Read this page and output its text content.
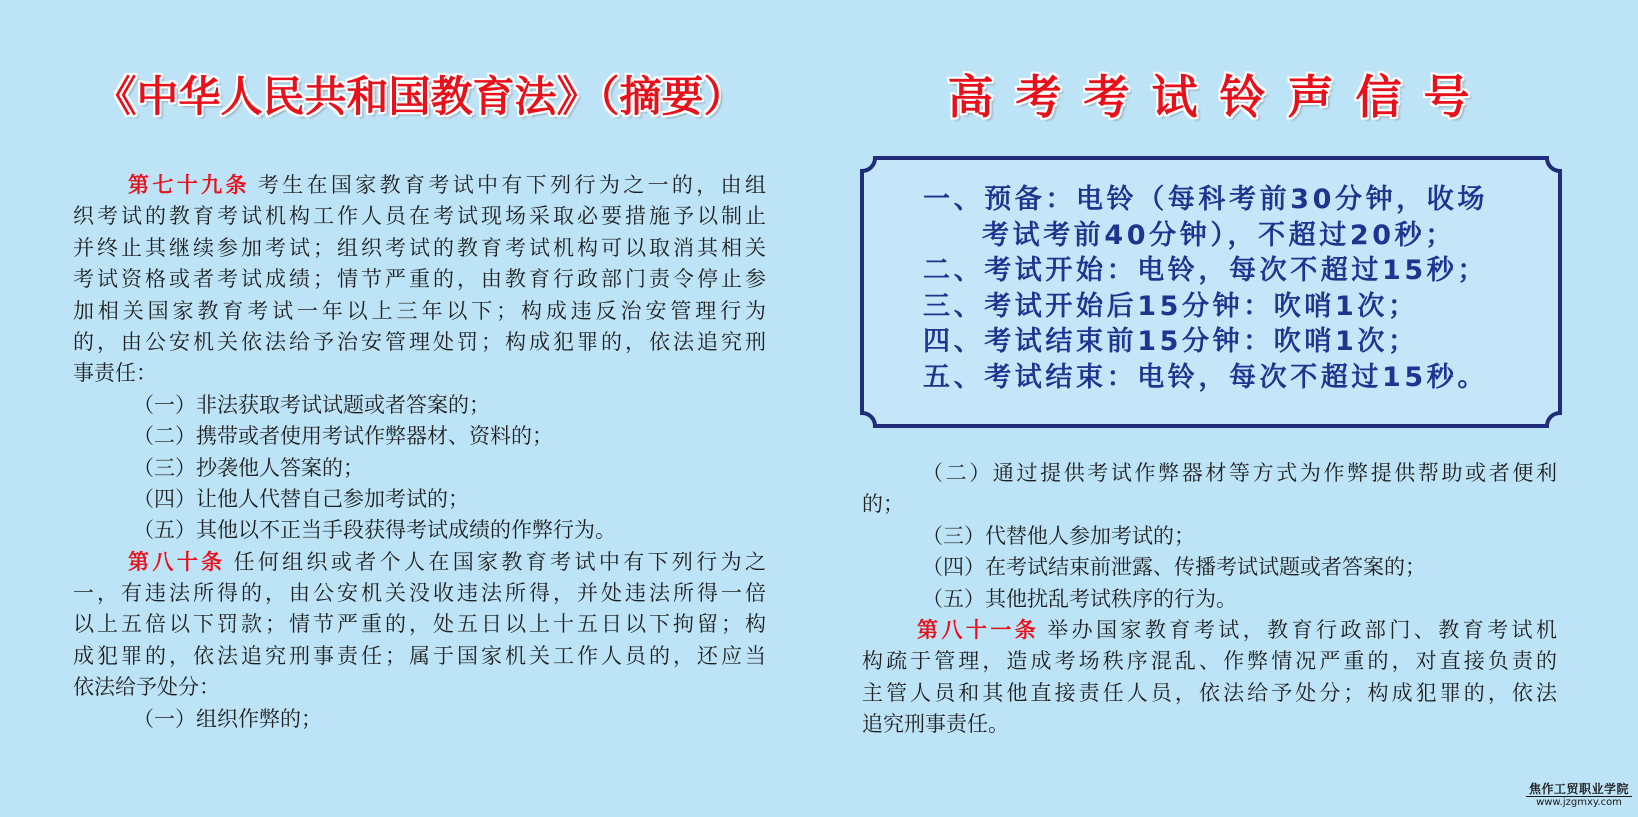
《中华人民共和国教育法》（摘要）	高 考 考 试 铃 声 信 号
第七十九条 考生在国家教育考试中有下列行为之一的，由组
织考试的教育考试机构工作人员在考试现场采取必要措施予以制止
并终止其继续参加考试；组织考试的教育考试机构可以取消其相关
考试资格或者考试成绩；情节严重的，由教育行政部门责令停止参
加相关国家教育考试一年以上三年以下；构成违反治安管理行为
的，由公安机关依法给予治安管理处罚；构成犯罪的，依法追究刑
事责任：
（一）非法获取考试试题或者答案的；
（二）携带或者使用考试作弊器材、资料的；
（三）抄袭他人答案的；
（四）让他人代替自己参加考试的；
（五）其他以不正当手段获得考试成绩的作弊行为。
第八十条 任何组织或者个人在国家教育考试中有下列行为之
一，有违法所得的，由公安机关没收违法所得，并处违法所得一倍
以上五倍以下罚款；情节严重的，处五日以上十五日以下拘留；构
成犯罪的，依法追究刑事责任；属于国家机关工作人员的，还应当
依法给予处分：
（一）组织作弊的；
一、预备：电铃（每科考前30分钟，收场
考试考前40分钟），不超过20秒；
二、考试开始：电铃，每次不超过15秒；
三、考试开始后15分钟：吹哨1次；
四、考试结束前15分钟：吹哨1次；
五、考试结束：电铃，每次不超过15秒。
（二）通过提供考试作弊器材等方式为作弊提供帮助或者便利
的；
（三）代替他人参加考试的；
（四）在考试结束前泄露、传播考试试题或者答案的；
（五）其他扰乱考试秩序的行为。
第八十一条 举办国家教育考试，教育行政部门、教育考试机
构疏于管理，造成考场秩序混乱、作弊情况严重的，对直接负责的
主管人员和其他直接责任人员，依法给予处分；构成犯罪的，依法
追究刑事责任。
焦作工贸职业学院
www.jzgmxy.com
